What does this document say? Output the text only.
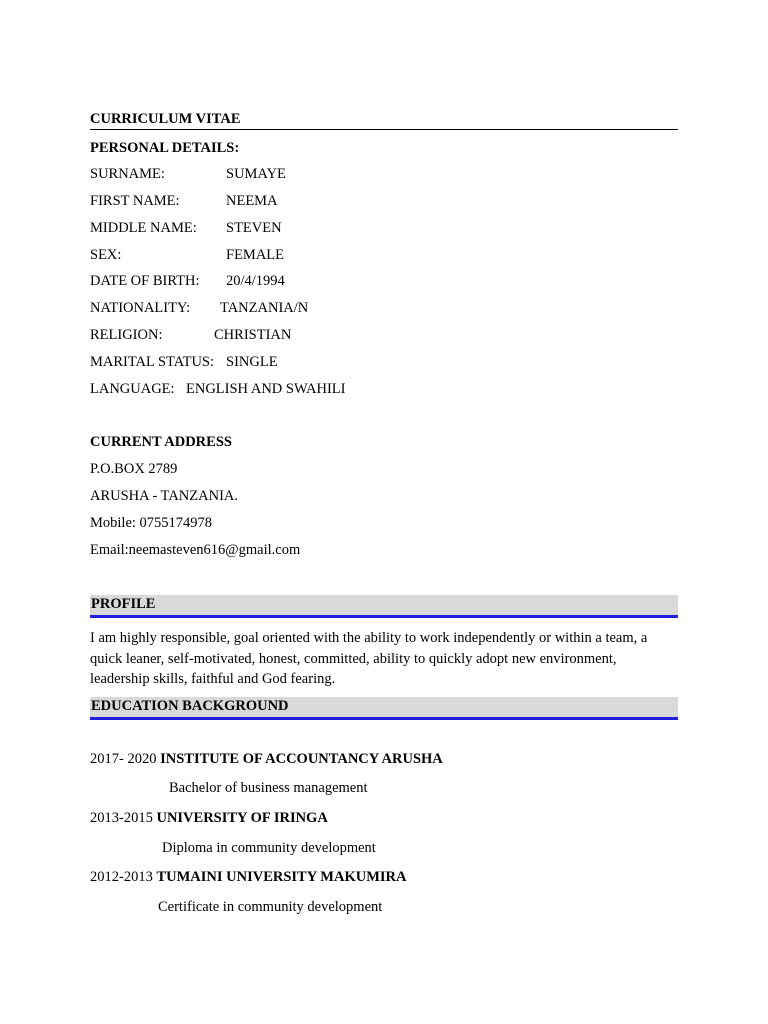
CURRICULUM VITAE
PERSONAL DETAILS:
SURNAME:	SUMAYE
FIRST NAME:	NEEMA
MIDDLE NAME: STEVEN
SEX:	FEMALE
DATE OF BIRTH: 20/4/1994
NATIONALITY: TANZANIA/N
RELIGION:	CHRISTIAN
MARITAL STATUS: SINGLE
LANGUAGE: ENGLISH AND SWAHILI
CURRENT ADDRESS
P.O.BOX 2789
ARUSHA - TANZANIA.
Mobile: 0755174978
Email:neemasteven616@gmail.com
PROFILE
I am highly responsible, goal oriented with the ability to work independently or within a team, a quick leaner, self-motivated, honest, committed, ability to quickly adopt new environment, leadership skills, faithful and God fearing.
EDUCATION BACKGROUND
2017- 2020 INSTITUTE OF ACCOUNTANCY ARUSHA
Bachelor of business management
2013-2015 UNIVERSITY OF IRINGA
Diploma in community development
2012-2013 TUMAINI UNIVERSITY MAKUMIRA
Certificate in community development
